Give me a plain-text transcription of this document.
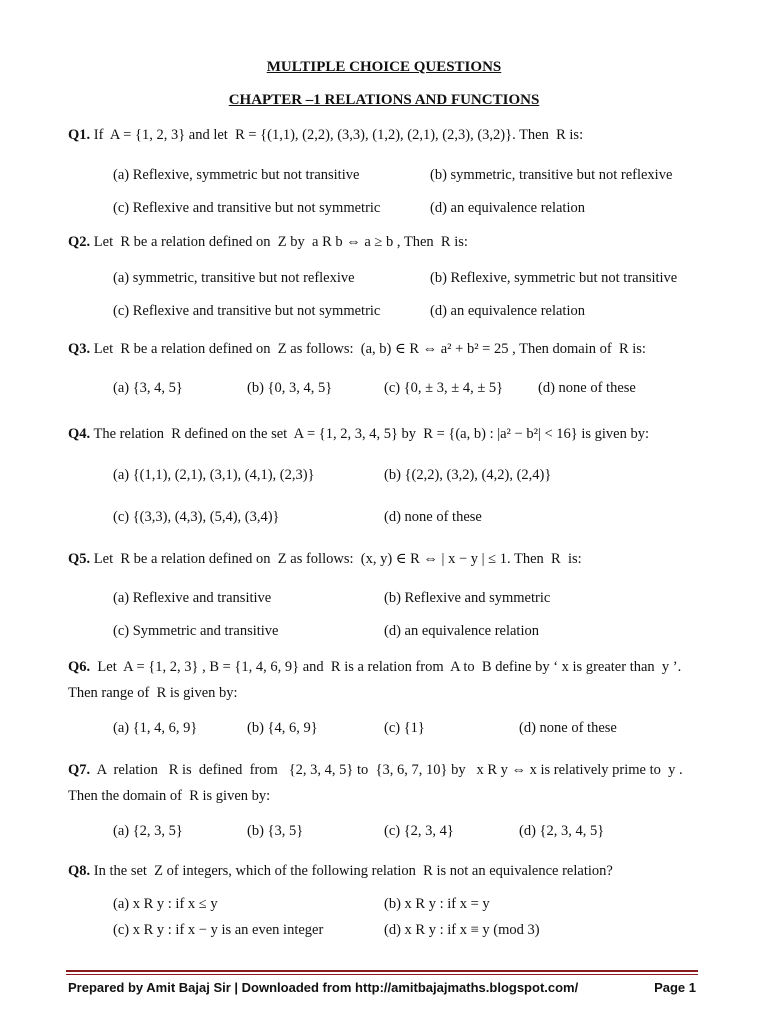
MULTIPLE CHOICE QUESTIONS
CHAPTER –1 RELATIONS AND FUNCTIONS
Q1. If  A = {1, 2, 3} and let  R = {(1,1), (2,2), (3,3), (1,2), (2,1), (2,3), (3,2)}. Then  R is:
(a) Reflexive, symmetric but not transitive	(b) symmetric, transitive but not reflexive
(c) Reflexive and transitive but not symmetric	(d) an equivalence relation
Q2. Let  R be a relation defined on  Z by  a R b ⇔ a ≥ b , Then  R is:
(a) symmetric, transitive but not reflexive	(b) Reflexive, symmetric but not transitive
(c) Reflexive and transitive but not symmetric	(d) an equivalence relation
Q3. Let  R be a relation defined on  Z as follows:  (a, b) ∈ R ⇔ a² + b² = 25 , Then domain of  R is:
(a) {3, 4, 5}	(b) {0, 3, 4, 5}	(c) {0, ± 3, ± 4, ± 5} (d) none of these
Q4. The relation  R defined on the set  A = {1, 2, 3, 4, 5} by  R = {(a, b) : |a² − b²| < 16} is given by:
(a) {(1,1), (2,1), (3,1), (4,1), (2,3)}	(b) {(2,2), (3,2), (4,2), (2,4)}
(c) {(3,3), (4,3), (5,4), (3,4)}	(d) none of these
Q5. Let  R be a relation defined on  Z as follows:  (x, y) ∈ R ⇔ | x − y | ≤ 1. Then  R  is:
(a) Reflexive and transitive	(b) Reflexive and symmetric
(c) Symmetric and transitive	(d) an equivalence relation
Q6.  Let  A = {1, 2, 3} , B = {1, 4, 6, 9} and  R is a relation from  A to  B define by ‘ x is greater than  y ’.
Then range of  R is given by:
(a) {1, 4, 6, 9}	(b) {4, 6, 9}	(c) {1}	(d) none of these
Q7.  A  relation   R is  defined  from   {2, 3, 4, 5} to  {3, 6, 7, 10} by   x R y ⇔ x is relatively prime to  y .
Then the domain of  R is given by:
(a) {2, 3, 5}	(b) {3, 5}	(c) {2, 3, 4}	(d) {2, 3, 4, 5}
Q8. In the set  Z of integers, which of the following relation  R is not an equivalence relation?
(a) x R y : if x ≤ y	(b) x R y : if x = y
(c) x R y : if x − y is an even integer	(d) x R y : if x ≡ y (mod 3)
Prepared by Amit Bajaj Sir | Downloaded from http://amitbajajmaths.blogspot.com/	Page 1
